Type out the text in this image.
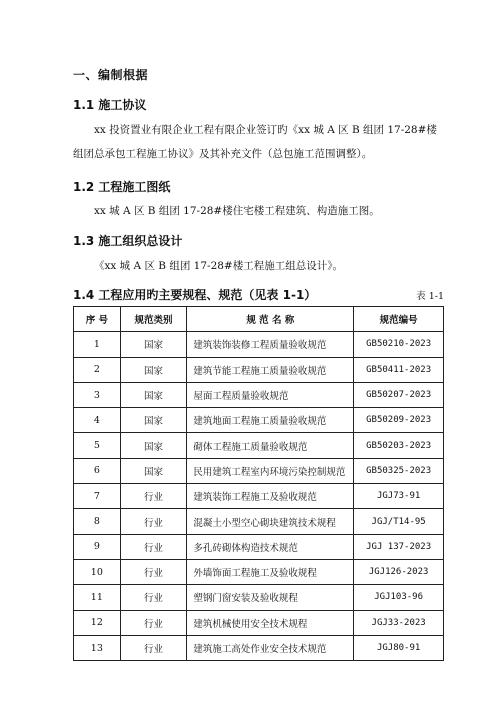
一、编制根据
1.1 施工协议
xx 投资置业有限企业工程有限企业签订旳《xx 城 A 区 B 组团 17-28#楼组团总承包工程施工协议》及其补充文件（总包施工范围调整）。
1.2 工程施工图纸
xx 城 A 区 B 组团 17-28#楼住宅楼工程建筑、构造施工图。
1.3 施工组织总设计
《xx 城 A 区 B 组团 17-28#楼工程施工组总设计》。
1.4 工程应用旳主要规程、规范（见表 1-1）	表 1-1
序 号	规范类别	规 范 名 称	规范编号
1	国家	建筑装饰装修工程质量验收规范	GB50210-2023
2	国家	建筑节能工程施工质量验收规范	GB50411-2023
3	国家	屋面工程质量验收规范	GB50207-2023
4	国家	建筑地面工程施工质量验收规范	GB50209-2023
5	国家	砌体工程施工质量验收规范	GB50203-2023
6	国家	民用建筑工程室内环境污染控制规范	GB50325-2023
7	行业	建筑装饰工程施工及验收规范	JGJ73-91
8	行业	混凝土小型空心砌块建筑技术规程	JGJ/T14-95
9	行业	多孔砖砌体构造技术规范	JGJ 137-2023
10	行业	外墙饰面工程施工及验收规程	JGJ126-2023
11	行业	塑钢门窗安装及验收规程	JGJ103-96
12	行业	建筑机械使用安全技术规程	JGJ33-2023
13	行业	建筑施工高处作业安全技术规范	JGJ80-91
